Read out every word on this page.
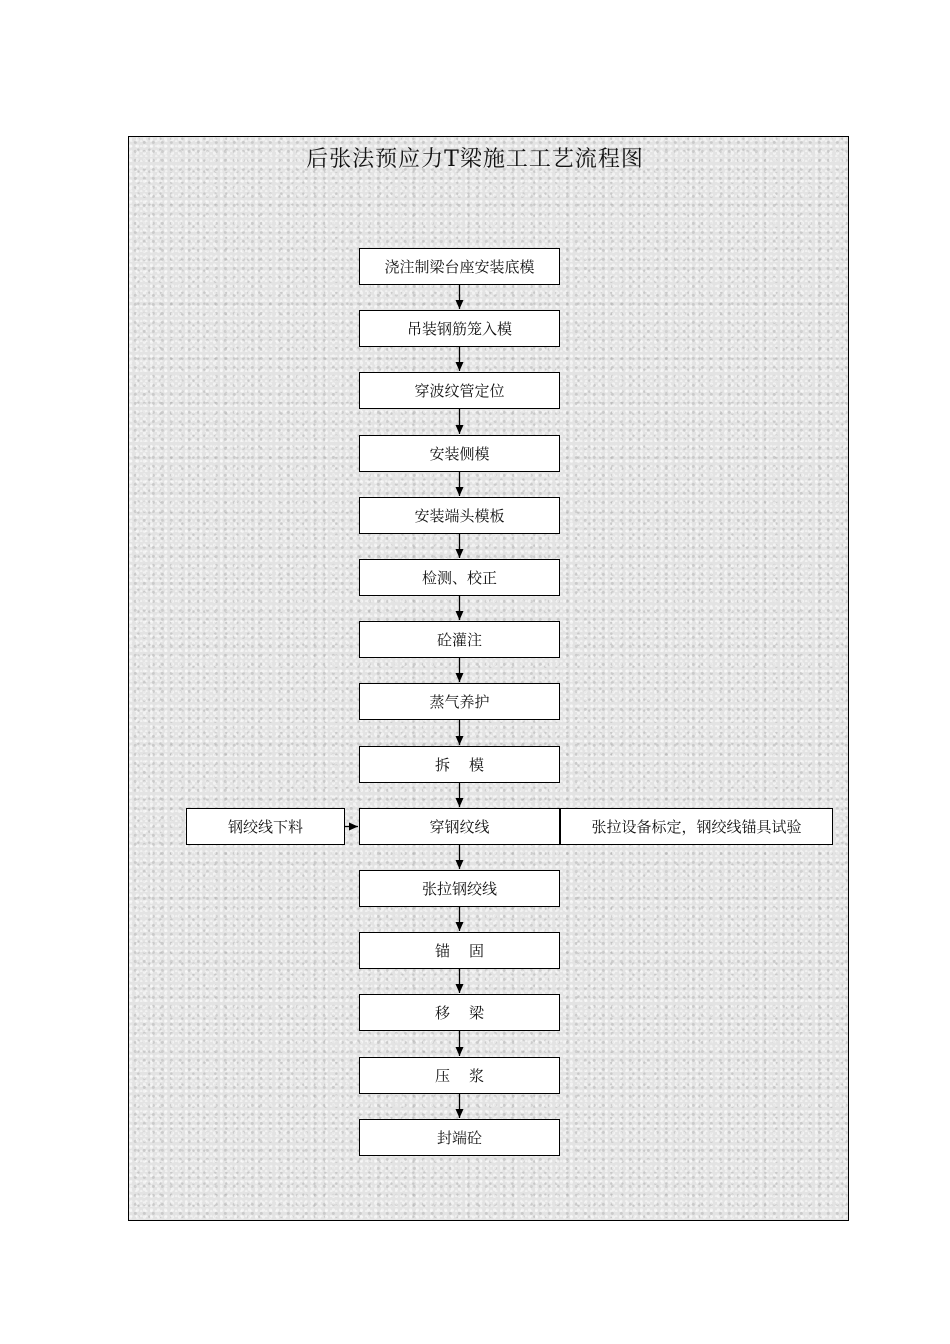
后张法预应力T梁施工工艺流程图
浇注制梁台座安装底模
吊装钢筋笼入模
穿波纹管定位
安装侧模
安装端头模板
检测、校正
砼灌注
蒸气养护
拆    模
穿钢纹线
张拉钢绞线
锚    固
移    梁
压    浆
封端砼
钢绞线下料	张拉设备标定，钢绞线锚具试验
